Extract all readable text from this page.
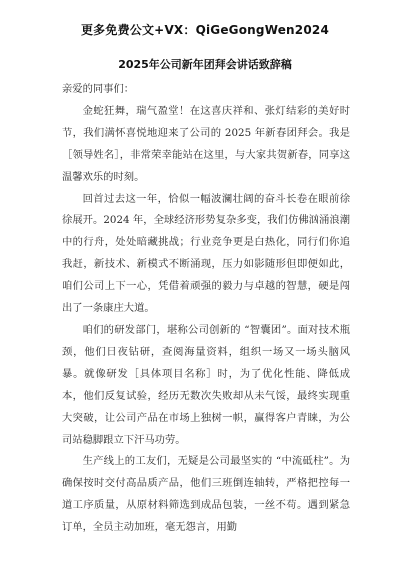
更多免费公文+VX：QiGeGongWen2024
2025年公司新年团拜会讲话致辞稿

亲爱的同事们：

金蛇狂舞，瑞气盈堂！在这喜庆祥和、张灯结彩的美好时节，我们满怀喜悦地迎来了公司的 2025 年新春团拜会。我是［领导姓名］，非常荣幸能站在这里，与大家共贺新春，同享这温馨欢乐的时刻。

回首过去这一年，恰似一幅波澜壮阔的奋斗长卷在眼前徐徐展开。2024 年，全球经济形势复杂多变，我们仿佛汹涌浪潮中的行舟，处处暗藏挑战；行业竞争更是白热化，同行们你追我赶，新技术、新模式不断涌现，压力如影随形但即便如此，咱们公司上下一心，凭借着顽强的毅力与卓越的智慧，硬是闯出了一条康庄大道。

咱们的研发部门，堪称公司创新的 “智囊团”。面对技术瓶颈，他们日夜钻研，查阅海量资料，组织一场又一场头脑风暴。就像研发［具体项目名称］时，为了优化性能、降低成本，他们反复试验，经历无数次失败却从未气馁，最终实现重大突破，让公司产品在市场上独树一帜，赢得客户青睐，为公司站稳脚跟立下汗马功劳。

生产线上的工友们，无疑是公司最坚实的 “中流砥柱”。为确保按时交付高品质产品，他们三班倒连轴转，严格把控每一道工序质量，从原材料筛选到成品包装，一丝不苟。遇到紧急订单，全员主动加班，毫无怨言，用勤
